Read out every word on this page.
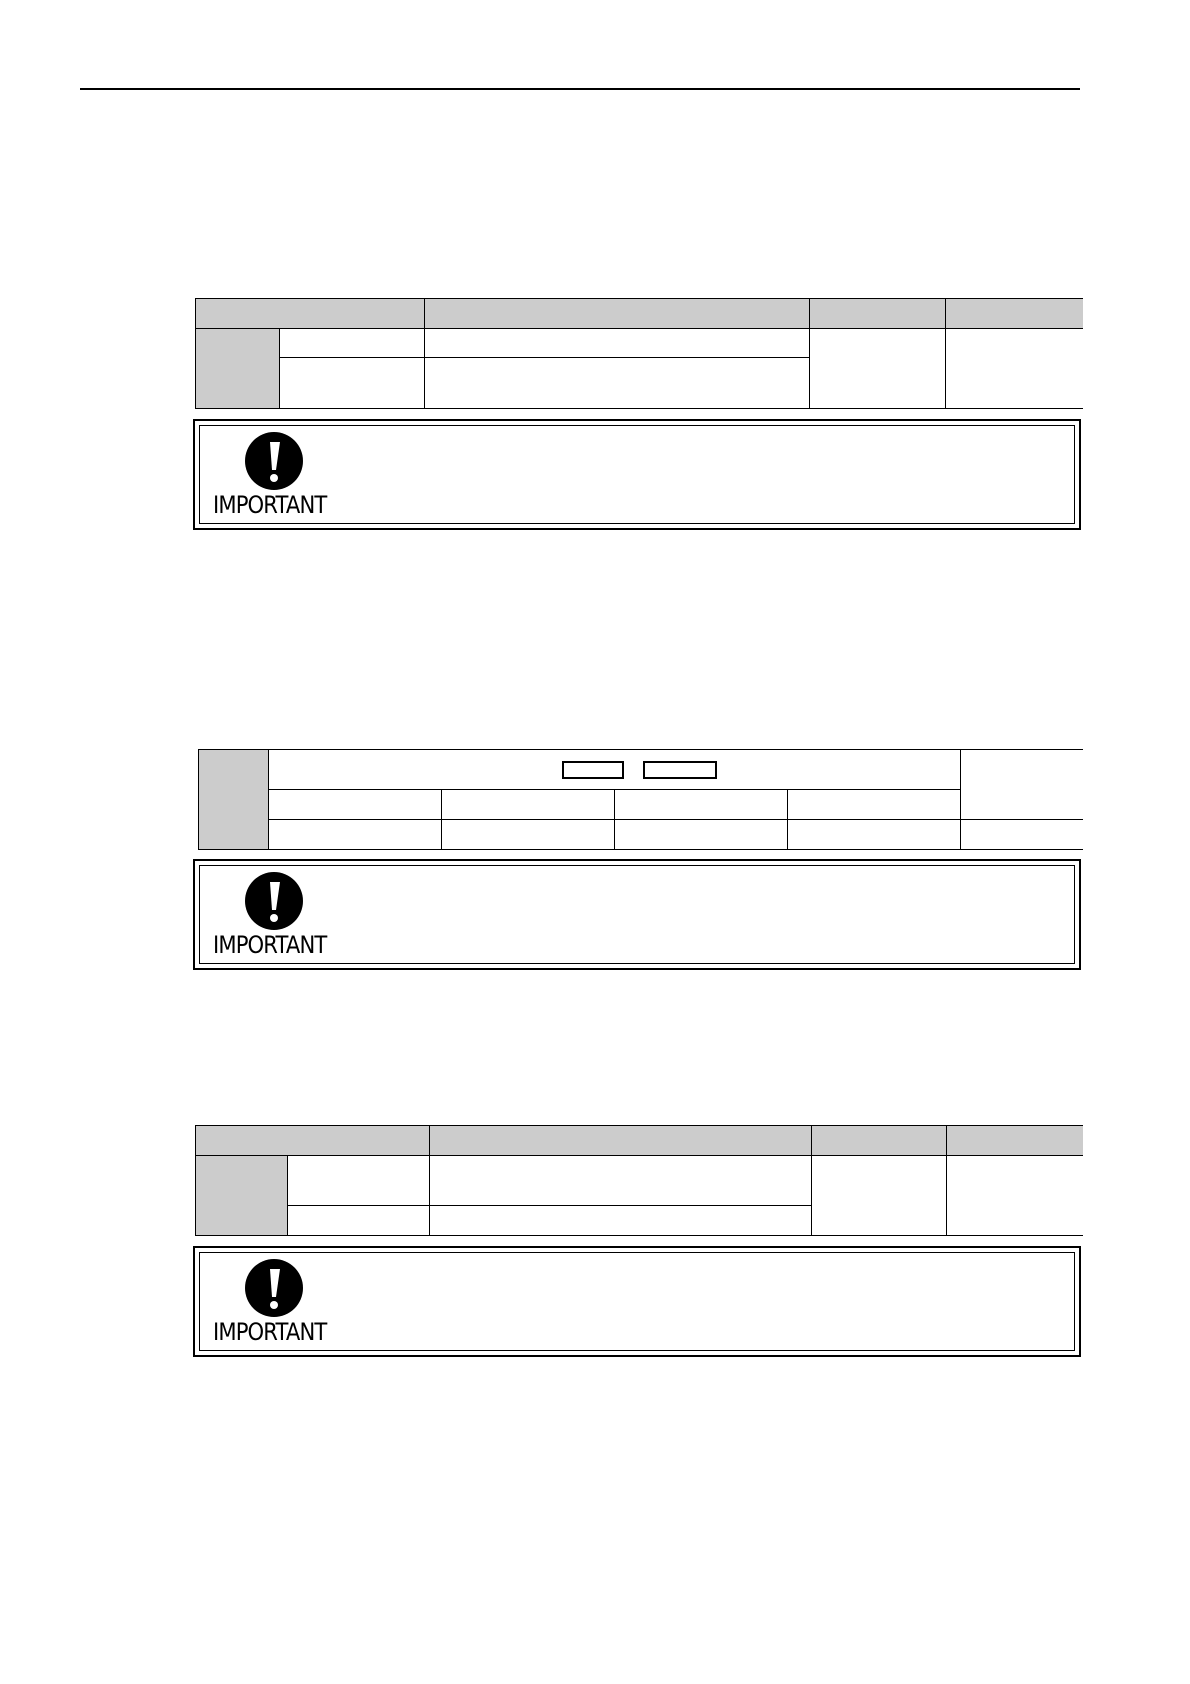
IMPORTANT

IMPORTANT

IMPORTANT
